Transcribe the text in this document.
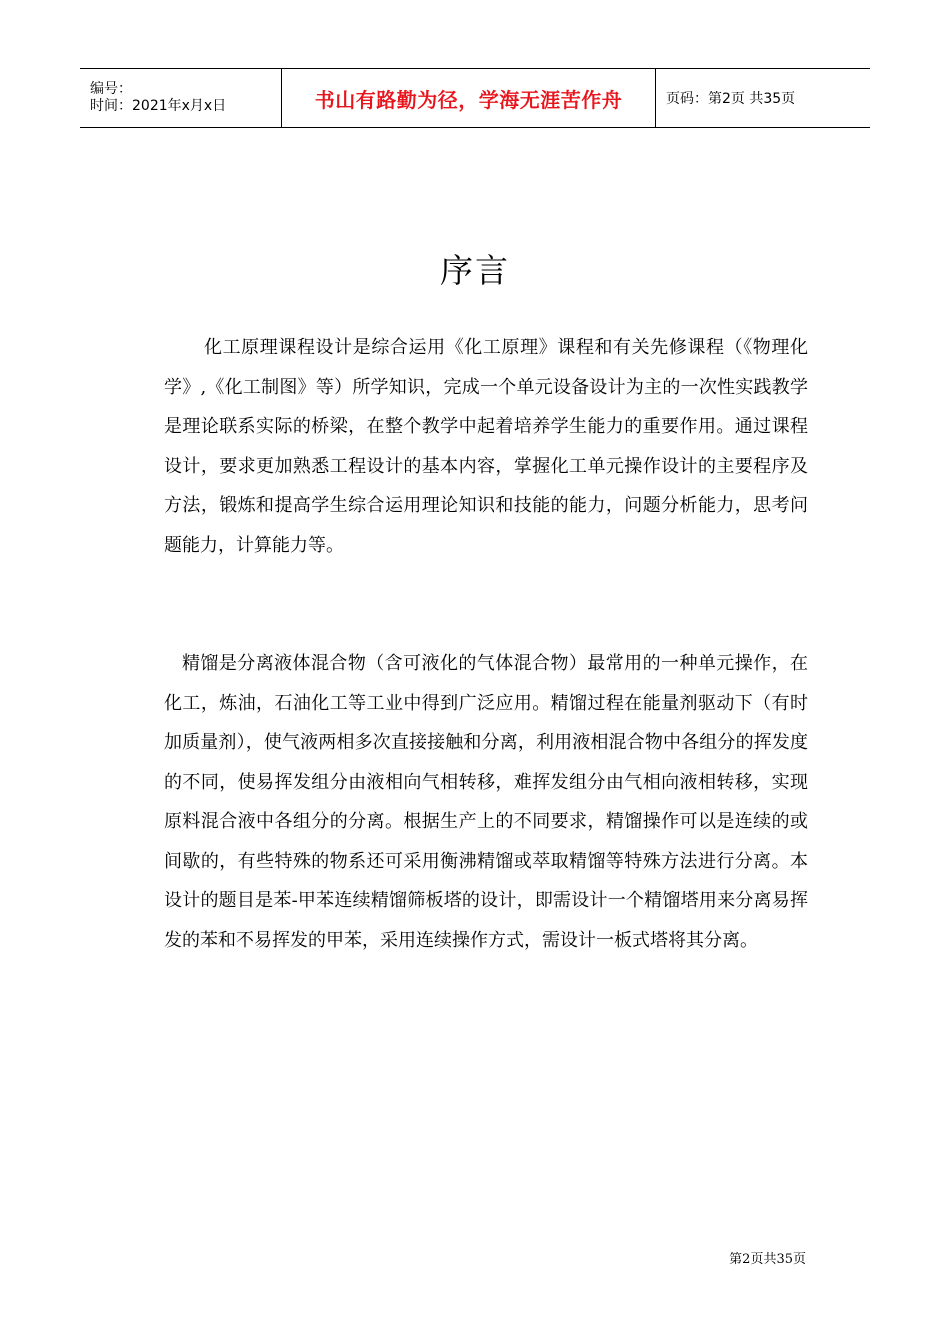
编号：
时间：2021年x月x日	书山有路勤为径，学海无涯苦作舟	页码：第2页 共35页
序言

化工原理课程设计是综合运用《化工原理》课程和有关先修课程（《物理化学》,《化工制图》等）所学知识，完成一个单元设备设计为主的一次性实践教学是理论联系实际的桥梁，在整个教学中起着培养学生能力的重要作用。通过课程设计，要求更加熟悉工程设计的基本内容，掌握化工单元操作设计的主要程序及方法，锻炼和提高学生综合运用理论知识和技能的能力，问题分析能力，思考问题能力，计算能力等。

精馏是分离液体混合物（含可液化的气体混合物）最常用的一种单元操作，在化工，炼油，石油化工等工业中得到广泛应用。精馏过程在能量剂驱动下（有时加质量剂），使气液两相多次直接接触和分离，利用液相混合物中各组分的挥发度的不同，使易挥发组分由液相向气相转移，难挥发组分由气相向液相转移，实现原料混合液中各组分的分离。根据生产上的不同要求，精馏操作可以是连续的或间歇的，有些特殊的物系还可采用衡沸精馏或萃取精馏等特殊方法进行分离。本设计的题目是苯-甲苯连续精馏筛板塔的设计，即需设计一个精馏塔用来分离易挥发的苯和不易挥发的甲苯，采用连续操作方式，需设计一板式塔将其分离。

第2页共35页
